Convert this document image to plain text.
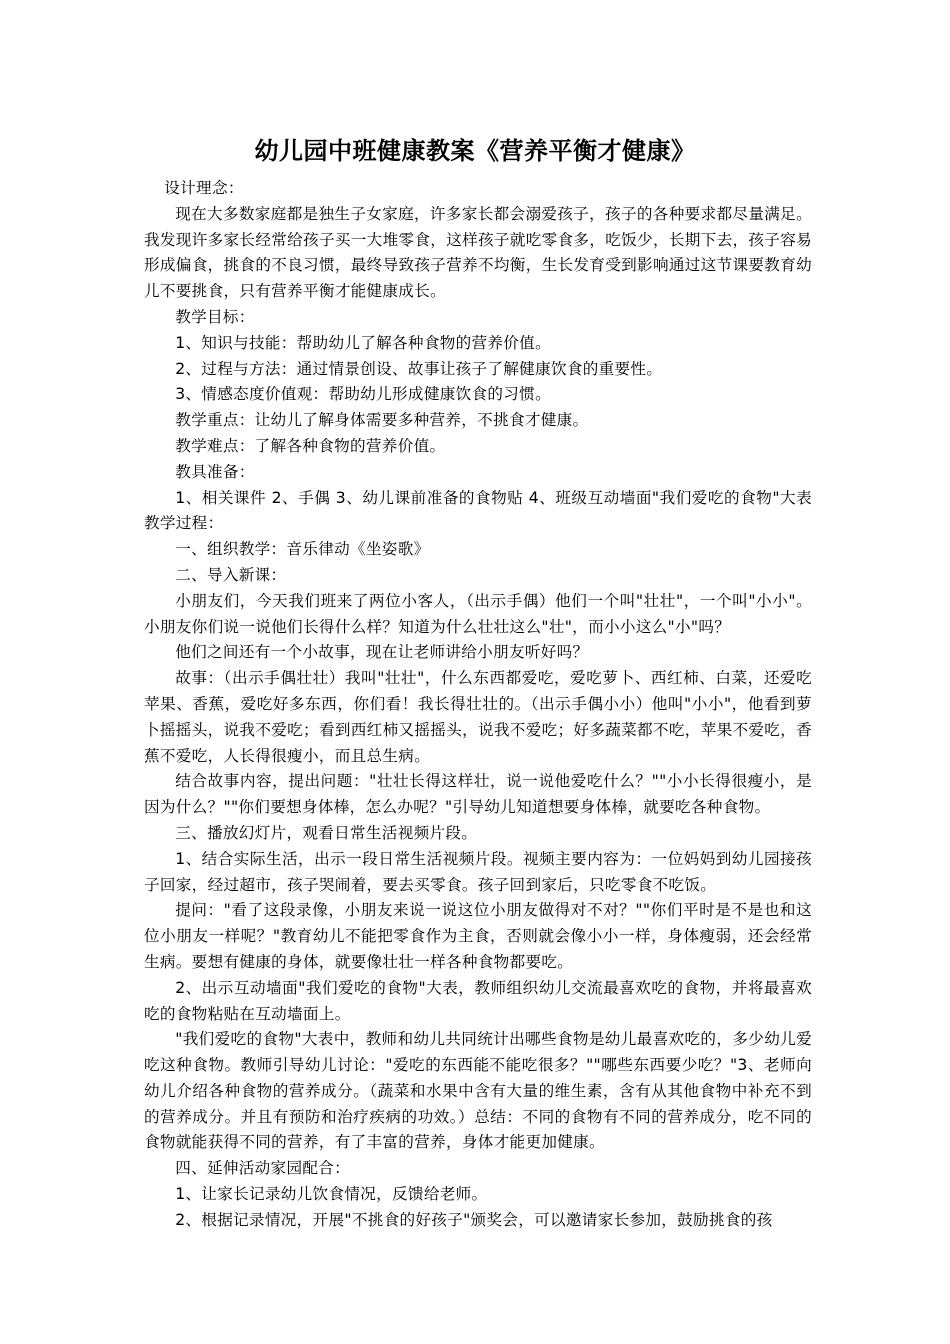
幼儿园中班健康教案《营养平衡才健康》

设计理念：

现在大多数家庭都是独生子女家庭，许多家长都会溺爱孩子，孩子的各种要求都尽量满足。我发现许多家长经常给孩子买一大堆零食，这样孩子就吃零食多，吃饭少，长期下去，孩子容易形成偏食，挑食的不良习惯，最终导致孩子营养不均衡，生长发育受到影响通过这节课要教育幼儿不要挑食，只有营养平衡才能健康成长。

教学目标：

1、知识与技能：帮助幼儿了解各种食物的营养价值。

2、过程与方法：通过情景创设、故事让孩子了解健康饮食的重要性。

3、情感态度价值观：帮助幼儿形成健康饮食的习惯。

教学重点：让幼儿了解身体需要多种营养，不挑食才健康。

教学难点：了解各种食物的营养价值。

教具准备：

1、相关课件 2、手偶 3、幼儿课前准备的食物贴 4、班级互动墙面"我们爱吃的食物"大表教学过程：

一、组织教学：音乐律动《坐姿歌》

二、导入新课：

小朋友们，今天我们班来了两位小客人，（出示手偶）他们一个叫"壮壮"，一个叫"小小"。小朋友你们说一说他们长得什么样？知道为什么壮壮这么"壮"，而小小这么"小"吗？

他们之间还有一个小故事，现在让老师讲给小朋友听好吗？

故事：（出示手偶壮壮）我叫"壮壮"，什么东西都爱吃，爱吃萝卜、西红柿、白菜，还爱吃苹果、香蕉，爱吃好多东西，你们看！我长得壮壮的。（出示手偶小小）他叫"小小"，他看到萝卜摇摇头，说我不爱吃；看到西红柿又摇摇头，说我不爱吃；好多蔬菜都不吃，苹果不爱吃，香蕉不爱吃，人长得很瘦小，而且总生病。

结合故事内容，提出问题："壮壮长得这样壮，说一说他爱吃什么？""小小长得很瘦小，是因为什么？""你们要想身体棒，怎么办呢？"引导幼儿知道想要身体棒，就要吃各种食物。

三、播放幻灯片，观看日常生活视频片段。

1、结合实际生活，出示一段日常生活视频片段。视频主要内容为：一位妈妈到幼儿园接孩子回家，经过超市，孩子哭闹着，要去买零食。孩子回到家后，只吃零食不吃饭。

提问："看了这段录像，小朋友来说一说这位小朋友做得对不对？""你们平时是不是也和这位小朋友一样呢？"教育幼儿不能把零食作为主食，否则就会像小小一样，身体瘦弱，还会经常生病。要想有健康的身体，就要像壮壮一样各种食物都要吃。

2、出示互动墙面"我们爱吃的食物"大表，教师组织幼儿交流最喜欢吃的食物，并将最喜欢吃的食物粘贴在互动墙面上。

"我们爱吃的食物"大表中，教师和幼儿共同统计出哪些食物是幼儿最喜欢吃的，多少幼儿爱吃这种食物。教师引导幼儿讨论："爱吃的东西能不能吃很多？""哪些东西要少吃？"3、老师向幼儿介绍各种食物的营养成分。（蔬菜和水果中含有大量的维生素，含有从其他食物中补充不到的营养成分。并且有预防和治疗疾病的功效。）总结：不同的食物有不同的营养成分，吃不同的食物就能获得不同的营养，有了丰富的营养，身体才能更加健康。

四、延伸活动家园配合：

1、让家长记录幼儿饮食情况，反馈给老师。

2、根据记录情况，开展"不挑食的好孩子"颁奖会，可以邀请家长参加，鼓励挑食的孩
